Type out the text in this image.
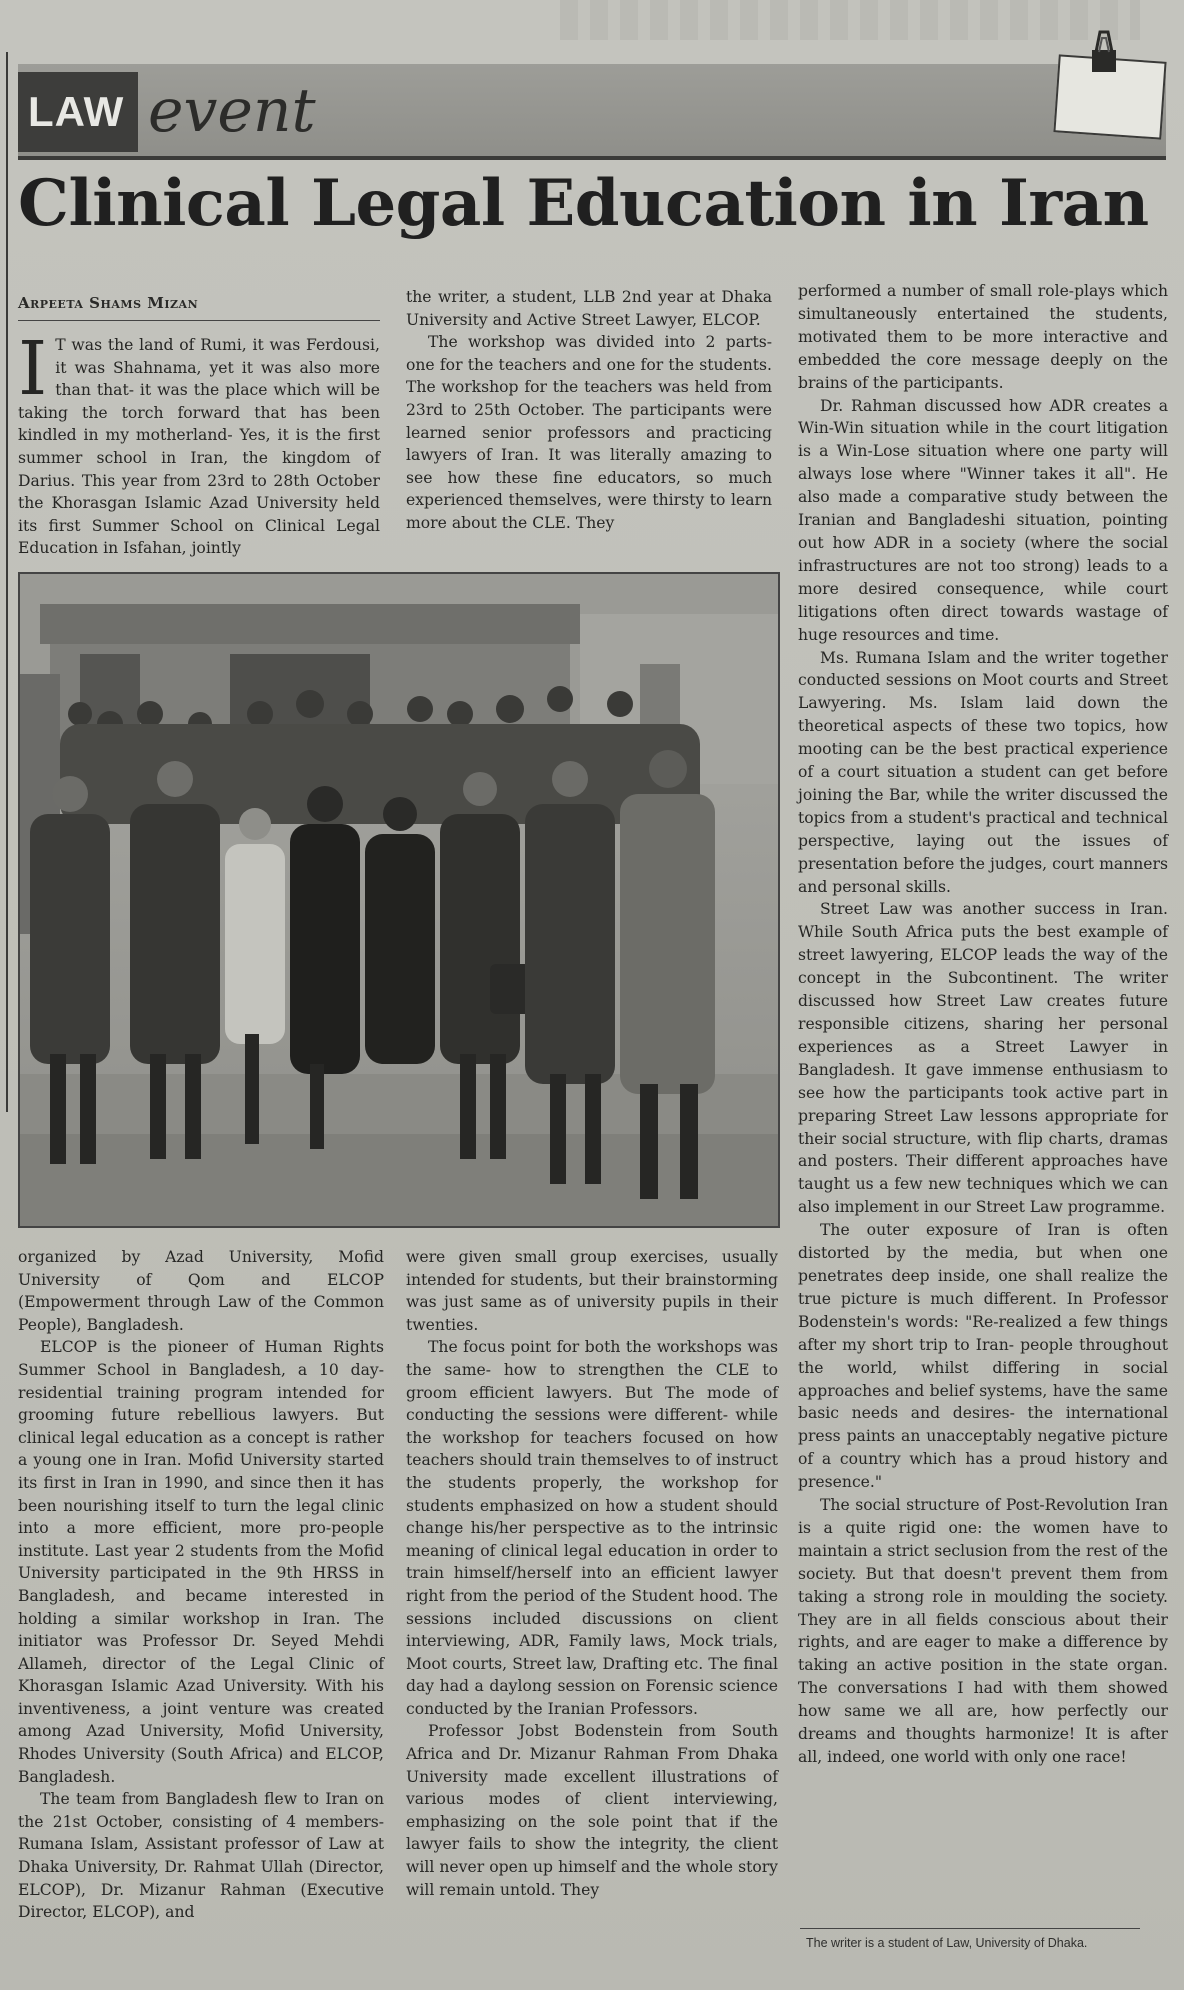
LAW event
Clinical Legal Education in Iran
Arpeeta Shams Mizan

I T was the land of Rumi, it was Ferdousi, it was Shahnama, yet it was also more than that- it was the place which will be taking the torch forward that has been kindled in my motherland- Yes, it is the first summer school in Iran, the kingdom of Darius. This year from 23rd to 28th October the Khorasgan Islamic Azad University held its first Summer School on Clinical Legal Education in Isfahan, jointly

the writer, a student, LLB 2nd year at Dhaka University and Active Street Lawyer, ELCOP.

The workshop was divided into 2 parts- one for the teachers and one for the students. The workshop for the teachers was held from 23rd to 25th October. The participants were learned senior professors and practicing lawyers of Iran. It was literally amazing to see how these fine educators, so much experienced themselves, were thirsty to learn more about the CLE. They

organized by Azad University, Mofid University of Qom and ELCOP (Empowerment through Law of the Common People), Bangladesh.

ELCOP is the pioneer of Human Rights Summer School in Bangladesh, a 10 day-residential training program intended for grooming future rebellious lawyers. But clinical legal education as a concept is rather a young one in Iran. Mofid University started its first in Iran in 1990, and since then it has been nourishing itself to turn the legal clinic into a more efficient, more pro-people institute. Last year 2 students from the Mofid University participated in the 9th HRSS in Bangladesh, and became interested in holding a similar workshop in Iran. The initiator was Professor Dr. Seyed Mehdi Allameh, director of the Legal Clinic of Khorasgan Islamic Azad University. With his inventiveness, a joint venture was created among Azad University, Mofid University, Rhodes University (South Africa) and ELCOP, Bangladesh.

The team from Bangladesh flew to Iran on the 21st October, consisting of 4 members- Rumana Islam, Assistant professor of Law at Dhaka University, Dr. Rahmat Ullah (Director, ELCOP), Dr. Mizanur Rahman (Executive Director, ELCOP), and

were given small group exercises, usually intended for students, but their brainstorming was just same as of university pupils in their twenties.

The focus point for both the workshops was the same- how to strengthen the CLE to groom efficient lawyers. But The mode of conducting the sessions were different- while the workshop for teachers focused on how teachers should train themselves to of instruct the students properly, the workshop for students emphasized on how a student should change his/her perspective as to the intrinsic meaning of clinical legal education in order to train himself/herself into an efficient lawyer right from the period of the Student hood. The sessions included discussions on client interviewing, ADR, Family laws, Mock trials, Moot courts, Street law, Drafting etc. The final day had a daylong session on Forensic science conducted by the Iranian Professors.

Professor Jobst Bodenstein from South Africa and Dr. Mizanur Rahman From Dhaka University made excellent illustrations of various modes of client interviewing, emphasizing on the sole point that if the lawyer fails to show the integrity, the client will never open up himself and the whole story will remain untold. They

performed a number of small role-plays which simultaneously entertained the students, motivated them to be more interactive and embedded the core message deeply on the brains of the participants.

Dr. Rahman discussed how ADR creates a Win-Win situation while in the court litigation is a Win-Lose situation where one party will always lose where "Winner takes it all". He also made a comparative study between the Iranian and Bangladeshi situation, pointing out how ADR in a society (where the social infrastructures are not too strong) leads to a more desired consequence, while court litigations often direct towards wastage of huge resources and time.

Ms. Rumana Islam and the writer together conducted sessions on Moot courts and Street Lawyering. Ms. Islam laid down the theoretical aspects of these two topics, how mooting can be the best practical experience of a court situation a student can get before joining the Bar, while the writer discussed the topics from a student's practical and technical perspective, laying out the issues of presentation before the judges, court manners and personal skills.

Street Law was another success in Iran. While South Africa puts the best example of street lawyering, ELCOP leads the way of the concept in the Subcontinent. The writer discussed how Street Law creates future responsible citizens, sharing her personal experiences as a Street Lawyer in Bangladesh. It gave immense enthusiasm to see how the participants took active part in preparing Street Law lessons appropriate for their social structure, with flip charts, dramas and posters. Their different approaches have taught us a few new techniques which we can also implement in our Street Law programme.

The outer exposure of Iran is often distorted by the media, but when one penetrates deep inside, one shall realize the true picture is much different. In Professor Bodenstein's words: "Re-realized a few things after my short trip to Iran- people throughout the world, whilst differing in social approaches and belief systems, have the same basic needs and desires- the international press paints an unacceptably negative picture of a country which has a proud history and presence."

The social structure of Post-Revolution Iran is a quite rigid one: the women have to maintain a strict seclusion from the rest of the society. But that doesn't prevent them from taking a strong role in moulding the society. They are in all fields conscious about their rights, and are eager to make a difference by taking an active position in the state organ. The conversations I had with them showed how same we all are, how perfectly our dreams and thoughts harmonize! It is after all, indeed, one world with only one race!

The writer is a student of Law, University of Dhaka.
